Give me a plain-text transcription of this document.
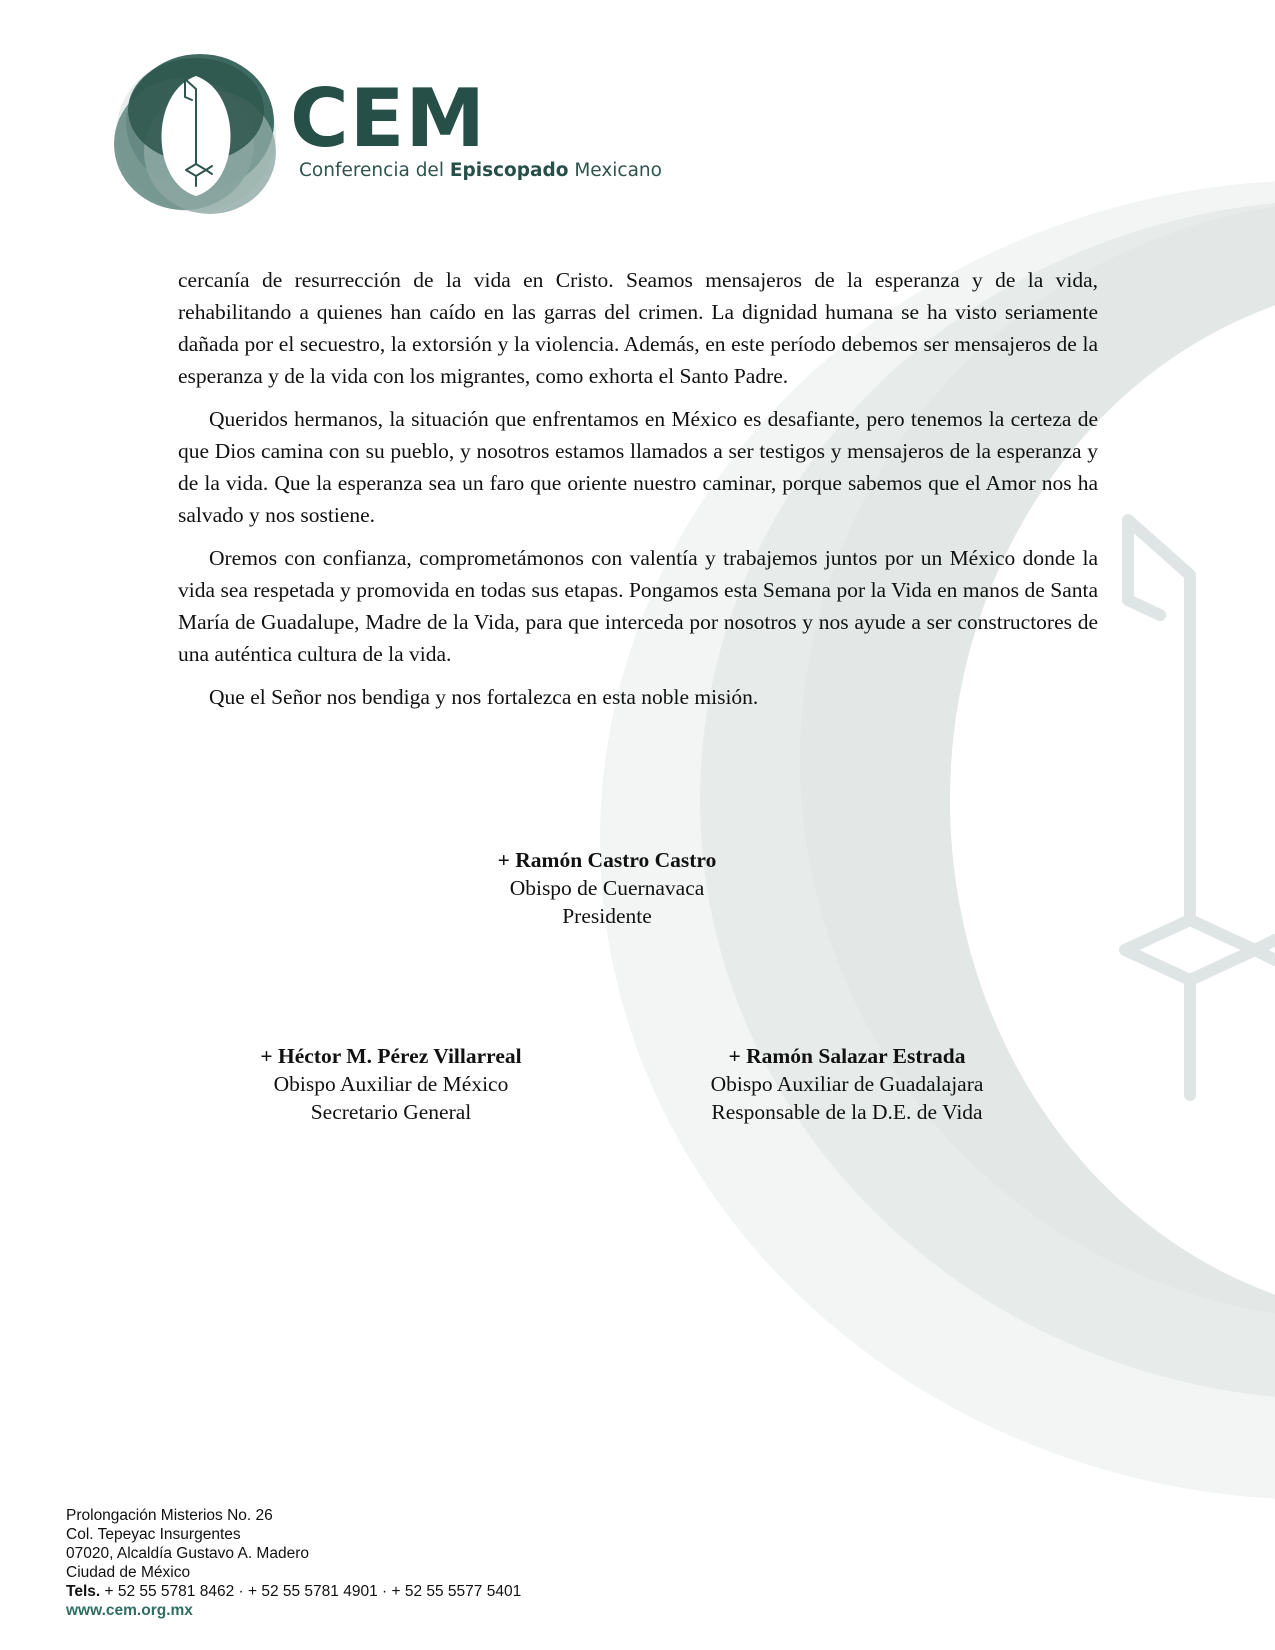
CEM
Conferencia del Episcopado Mexicano

cercanía de resurrección de la vida en Cristo. Seamos mensajeros de la esperanza y de la vida, rehabilitando a quienes han caído en las garras del crimen. La dignidad humana se ha visto seriamente dañada por el secuestro, la extorsión y la violencia. Además, en este período debemos ser mensajeros de la esperanza y de la vida con los migrantes, como exhorta el Santo Padre.

Queridos hermanos, la situación que enfrentamos en México es desafiante, pero tenemos la certeza de que Dios camina con su pueblo, y nosotros estamos llamados a ser testigos y mensajeros de la esperanza y de la vida. Que la esperanza sea un faro que oriente nuestro caminar, porque sabemos que el Amor nos ha salvado y nos sostiene.

Oremos con confianza, comprometámonos con valentía y trabajemos juntos por un México donde la vida sea respetada y promovida en todas sus etapas. Pongamos esta Semana por la Vida en manos de Santa María de Guadalupe, Madre de la Vida, para que interceda por nosotros y nos ayude a ser constructores de una auténtica cultura de la vida.

Que el Señor nos bendiga y nos fortalezca en esta noble misión.

+ Ramón Castro Castro
Obispo de Cuernavaca
Presidente
+ Héctor M. Pérez Villarreal
Obispo Auxiliar de México
Secretario General
+ Ramón Salazar Estrada
Obispo Auxiliar de Guadalajara
Responsable de la D.E. de Vida
Prolongación Misterios No. 26
Col. Tepeyac Insurgentes
07020, Alcaldía Gustavo A. Madero
Ciudad de México
Tels. + 52 55 5781 8462 · + 52 55 5781 4901 · + 52 55 5577 5401
www.cem.org.mx
